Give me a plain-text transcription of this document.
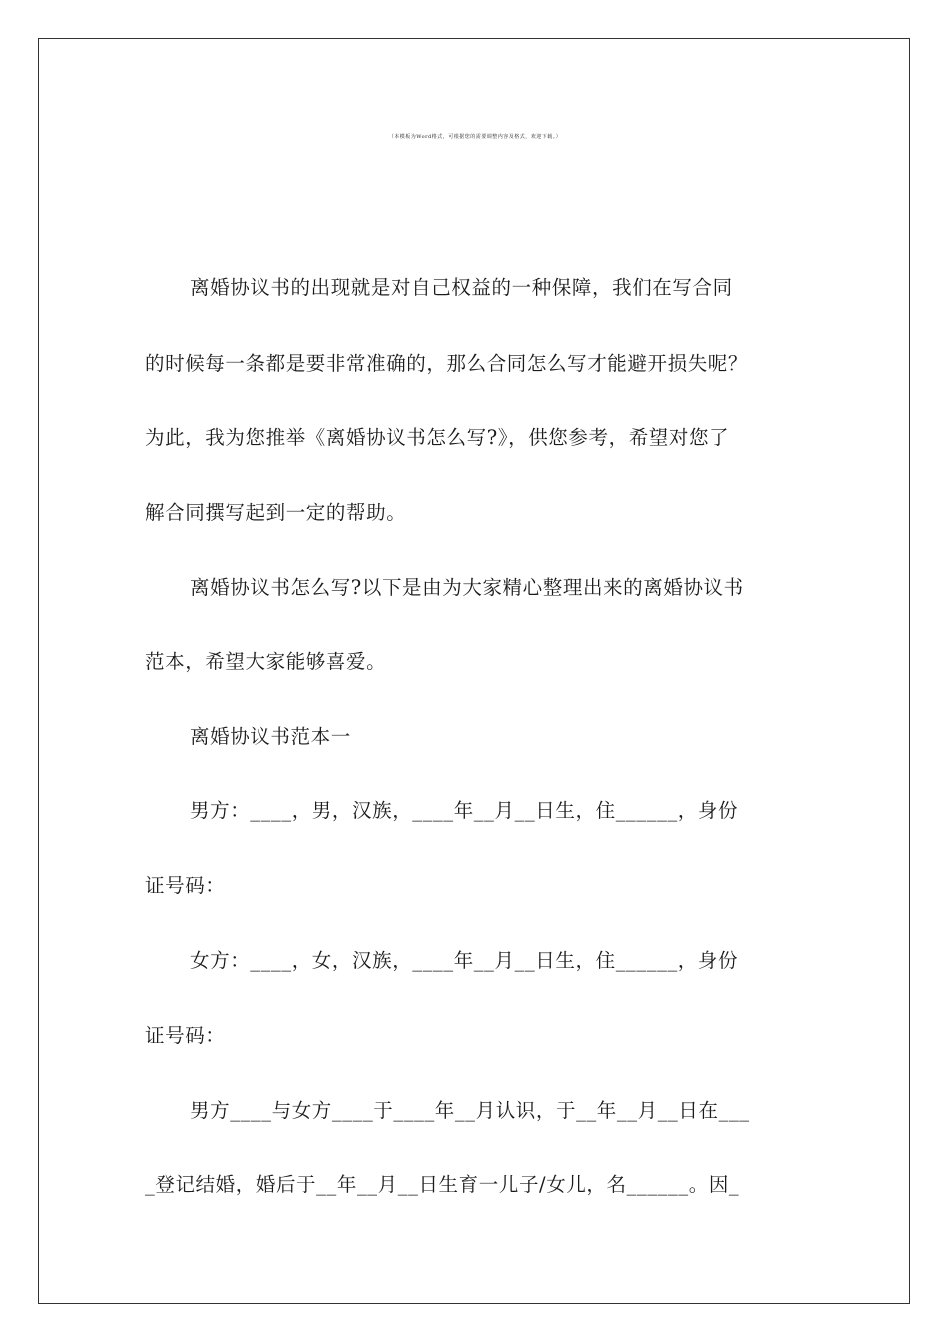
（本模板为Word格式，可根据您的需要调整内容及格式，欢迎下载。）
离婚协议书的出现就是对自己权益的一种保障，我们在写合同
的时候每一条都是要非常准确的，那么合同怎么写才能避开损失呢？
为此，我为您推举《离婚协议书怎么写?》，供您参考，希望对您了
解合同撰写起到一定的帮助。
离婚协议书怎么写?以下是由为大家精心整理出来的离婚协议书
范本，希望大家能够喜爱。
离婚协议书范本一
男方：____，男，汉族，____年__月__日生，住______，身份
证号码：
女方：____，女，汉族，____年__月__日生，住______，身份
证号码：
男方____与女方____于____年__月认识，于__年__月__日在___
_登记结婚，婚后于__年__月__日生育一儿子/女儿，名______。因_
